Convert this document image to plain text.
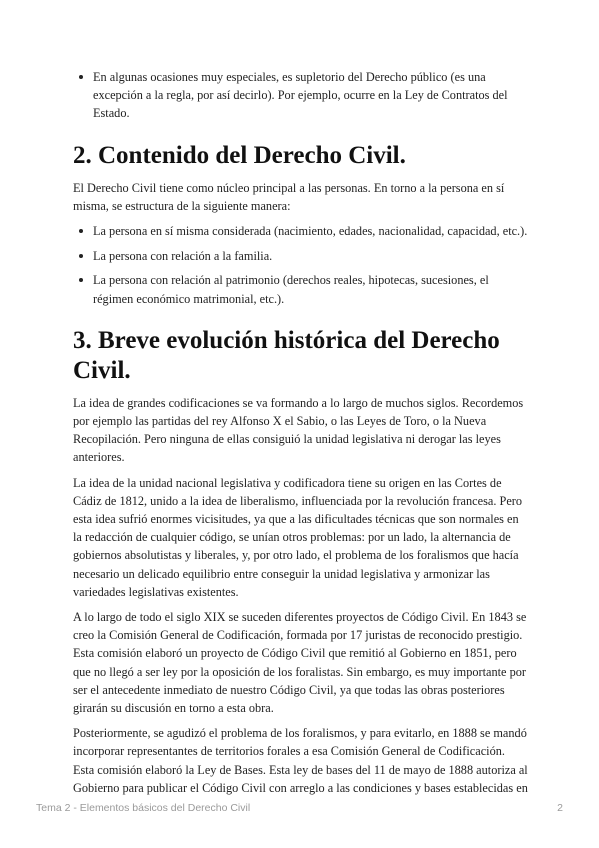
En algunas ocasiones muy especiales, es supletorio del Derecho público (es una excepción a la regla, por así decirlo). Por ejemplo, ocurre en la Ley de Contratos del Estado.
2. Contenido del Derecho Civil.

El Derecho Civil tiene como núcleo principal a las personas. En torno a la persona en sí misma, se estructura de la siguiente manera:

La persona en sí misma considerada (nacimiento, edades, nacionalidad, capacidad, etc.).
La persona con relación a la familia.
La persona con relación al patrimonio (derechos reales, hipotecas, sucesiones, el régimen económico matrimonial, etc.).
3. Breve evolución histórica del Derecho Civil.

La idea de grandes codificaciones se va formando a lo largo de muchos siglos. Recordemos por ejemplo las partidas del rey Alfonso X el Sabio, o las Leyes de Toro, o la Nueva Recopilación. Pero ninguna de ellas consiguió la unidad legislativa ni derogar las leyes anteriores.

La idea de la unidad nacional legislativa y codificadora tiene su origen en las Cortes de Cádiz de 1812, unido a la idea de liberalismo, influenciada por la revolución francesa. Pero esta idea sufrió enormes vicisitudes, ya que a las dificultades técnicas que son normales en la redacción de cualquier código, se unían otros problemas: por un lado, la alternancia de gobiernos absolutistas y liberales, y, por otro lado, el problema de los foralismos que hacía necesario un delicado equilibrio entre conseguir la unidad legislativa y armonizar las variedades legislativas existentes.

A lo largo de todo el siglo XIX se suceden diferentes proyectos de Código Civil. En 1843 se creo la Comisión General de Codificación, formada por 17 juristas de reconocido prestigio. Esta comisión elaboró un proyecto de Código Civil que remitió al Gobierno en 1851, pero que no llegó a ser ley por la oposición de los foralistas. Sin embargo, es muy importante por ser el antecedente inmediato de nuestro Código Civil, ya que todas las obras posteriores girarán su discusión en torno a esta obra.

Posteriormente, se agudizó el problema de los foralismos, y para evitarlo, en 1888 se mandó incorporar representantes de territorios forales a esa Comisión General de Codificación. Esta comisión elaboró la Ley de Bases. Esta ley de bases del 11 de mayo de 1888 autoriza al Gobierno para publicar el Código Civil con arreglo a las condiciones y bases establecidas en

Tema 2 - Elementos básicos del Derecho Civil	2
